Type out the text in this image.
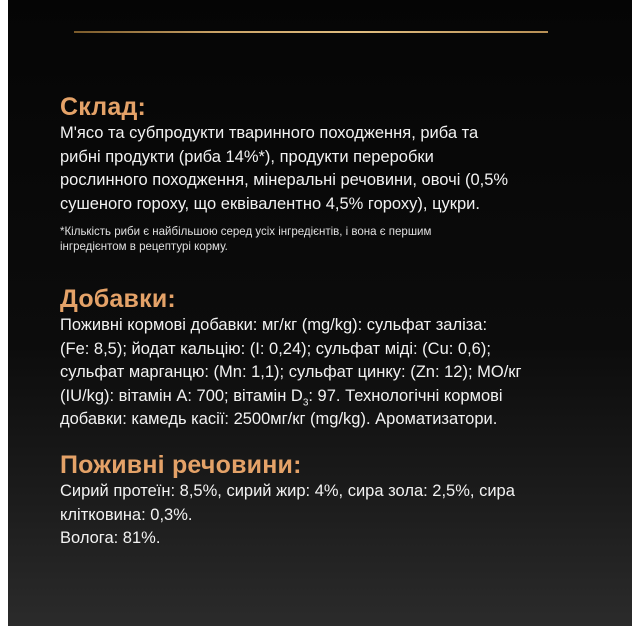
Склад:
М'ясо та субпродукти тваринного походження, риба та
рибні продукти (риба 14%*), продукти переробки
рослинного походження, мінеральні речовини, овочі (0,5%
сушеного гороху, що еквівалентно 4,5% гороху), цукри.
*Кількість риби є найбільшою серед усіх інгредієнтів, і вона є першим
інгредієнтом в рецептурі корму.
Добавки:
Поживні кормові добавки: мг/кг (mg/kg): сульфат заліза:
(Fe: 8,5); йодат кальцію: (I: 0,24); сульфат міді: (Cu: 0,6);
сульфат марганцю: (Mn: 1,1); сульфат цинку: (Zn: 12); МО/кг
(IU/kg): вітамін А: 700; вітамін $D_3$: 97. Технологічні кормові
добавки: камедь касії: 2500мг/кг (mg/kg). Ароматизатори.
Поживні речовини:
Сирий протеїн: 8,5%, сирий жир: 4%, сира зола: 2,5%, сира
клітковина: 0,3%.
Волога: 81%.
